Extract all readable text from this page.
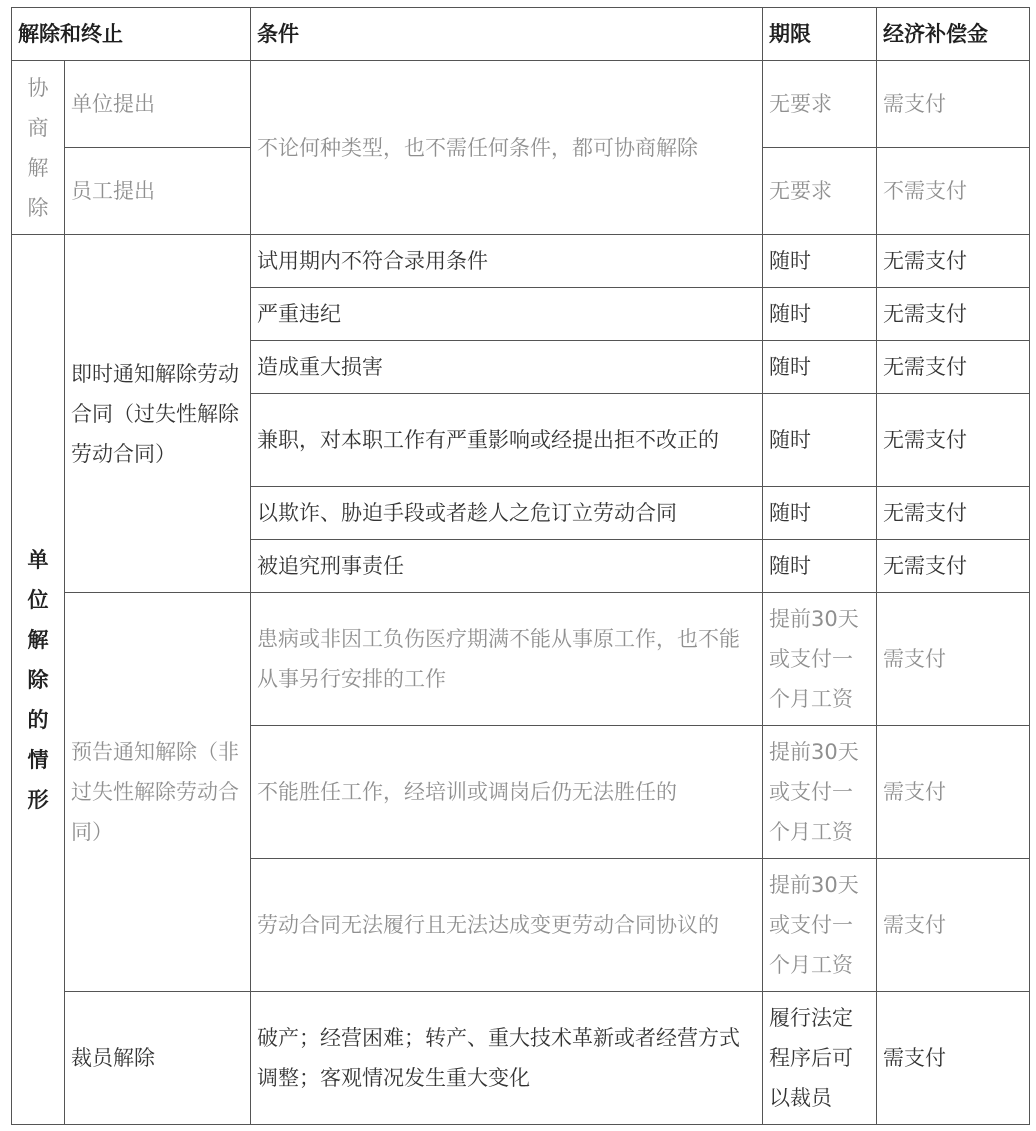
解除和终止		条件	期限	经济补偿金

协商解除	单位提出	不论何种类型，也不需任何条件，都可协商解除	无要求	需支付
	员工提出		无要求	不需支付

单位解除的情形	即时通知解除劳动合同（过失性解除劳动合同）	试用期内不符合录用条件	随时	无需支付
		严重违纪	随时	无需支付
		造成重大损害	随时	无需支付
		兼职，对本职工作有严重影响或经提出拒不改正的	随时	无需支付
		以欺诈、胁迫手段或者趁人之危订立劳动合同	随时	无需支付
		被追究刑事责任	随时	无需支付
	预告通知解除（非过失性解除劳动合同）	患病或非因工负伤医疗期满不能从事原工作，也不能从事另行安排的工作	提前30天或支付一个月工资	需支付
		不能胜任工作，经培训或调岗后仍无法胜任的	提前30天或支付一个月工资	需支付
		劳动合同无法履行且无法达成变更劳动合同协议的	提前30天或支付一个月工资	需支付
	裁员解除	破产；经营困难；转产、重大技术革新或者经营方式调整；客观情况发生重大变化	履行法定程序后可以裁员	需支付
